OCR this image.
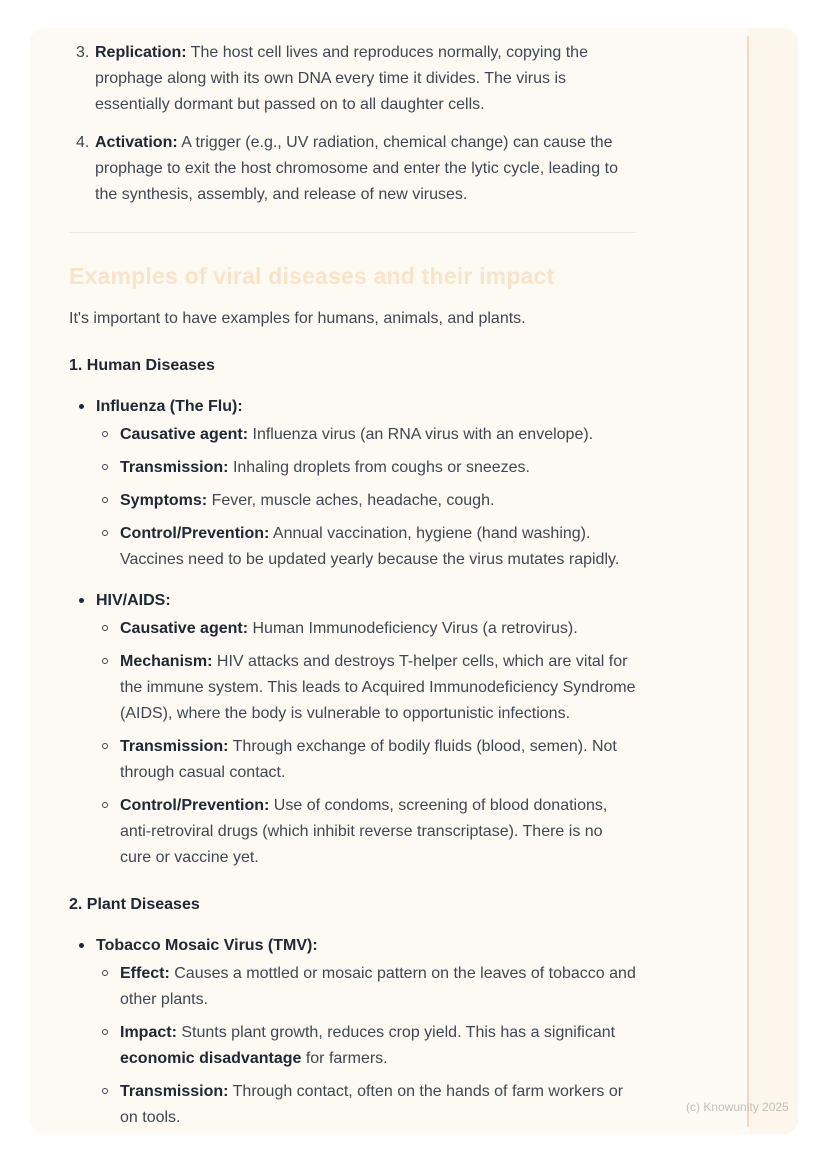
3. Replication: The host cell lives and reproduces normally, copying the prophage along with its own DNA every time it divides. The virus is essentially dormant but passed on to all daughter cells.

4. Activation: A trigger (e.g., UV radiation, chemical change) can cause the prophage to exit the host chromosome and enter the lytic cycle, leading to the synthesis, assembly, and release of new viruses.

Examples of viral diseases and their impact

It's important to have examples for humans, animals, and plants.

1. Human Diseases
Influenza (The Flu):

Causative agent: Influenza virus (an RNA virus with an envelope).

Transmission: Inhaling droplets from coughs or sneezes.

Symptoms: Fever, muscle aches, headache, cough.

Control/Prevention: Annual vaccination, hygiene (hand washing). Vaccines need to be updated yearly because the virus mutates rapidly.

HIV/AIDS:

Causative agent: Human Immunodeficiency Virus (a retrovirus).

Mechanism: HIV attacks and destroys T-helper cells, which are vital for the immune system. This leads to Acquired Immunodeficiency Syndrome (AIDS), where the body is vulnerable to opportunistic infections.

Transmission: Through exchange of bodily fluids (blood, semen). Not through casual contact.

Control/Prevention: Use of condoms, screening of blood donations, anti-retroviral drugs (which inhibit reverse transcriptase). There is no cure or vaccine yet.

2. Plant Diseases
Tobacco Mosaic Virus (TMV):

Effect: Causes a mottled or mosaic pattern on the leaves of tobacco and other plants.

Impact: Stunts plant growth, reduces crop yield. This has a significant economic disadvantage for farmers.

Transmission: Through contact, often on the hands of farm workers or on tools.

(c) Knowunity 2025
